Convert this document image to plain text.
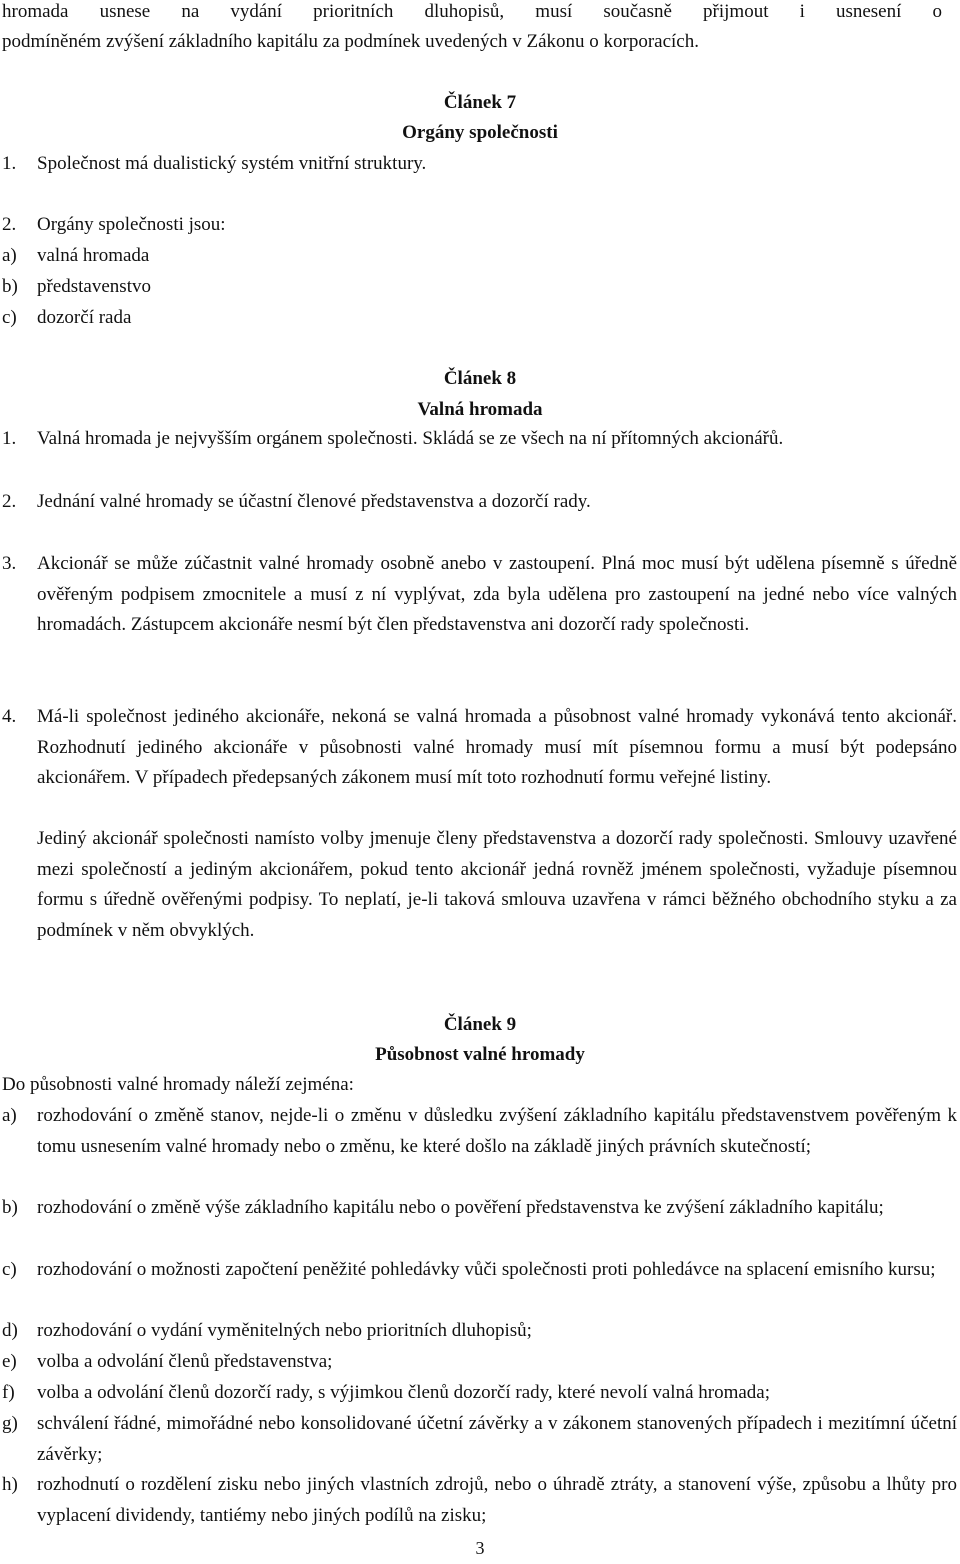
hromada usnese na vydání prioritních dluhopisů, musí současně přijmout i usnesení o

podmíněném zvýšení základního kapitálu za podmínek uvedených v Zákonu o korporacích.

Článek 7

Orgány společnosti

1.	Společnost má dualistický systém vnitřní struktury.

2.	Orgány společnosti jsou:

a)	valná hromada

b)	představenstvo

c)	dozorčí rada

Článek 8

Valná hromada

1.	Valná hromada je nejvyšším orgánem společnosti. Skládá se ze všech na ní přítomných akcionářů.

2.	Jednání valné hromady se účastní členové představenstva a dozorčí rady.

3.	Akcionář se může zúčastnit valné hromady osobně anebo v zastoupení. Plná moc musí být udělena písemně s úředně ověřeným podpisem zmocnitele a musí z ní vyplývat, zda byla udělena pro zastoupení na jedné nebo více valných hromadách. Zástupcem akcionáře nesmí být člen představenstva ani dozorčí rady společnosti.

4.	Má-li společnost jediného akcionáře, nekoná se valná hromada a působnost valné hromady vykonává tento akcionář. Rozhodnutí jediného akcionáře v působnosti valné hromady musí mít písemnou formu a musí být podepsáno akcionářem. V případech předepsaných zákonem musí mít toto rozhodnutí formu veřejné listiny.

Jediný akcionář společnosti namísto volby jmenuje členy představenstva a dozorčí rady společnosti. Smlouvy uzavřené mezi společností a jediným akcionářem, pokud tento akcionář jedná rovněž jménem společnosti, vyžaduje písemnou formu s úředně ověřenými podpisy. To neplatí, je-li taková smlouva uzavřena v rámci běžného obchodního styku a za podmínek v něm obvyklých.

Článek 9

Působnost valné hromady

Do působnosti valné hromady náleží zejména:

a)	rozhodování o změně stanov, nejde-li o změnu v důsledku zvýšení základního kapitálu představenstvem pověřeným k tomu usnesením valné hromady nebo o změnu, ke které došlo na základě jiných právních skutečností;

b)	rozhodování o změně výše základního kapitálu nebo o pověření představenstva ke zvýšení základního kapitálu;

c)	rozhodování o možnosti započtení peněžité pohledávky vůči společnosti proti pohledávce na splacení emisního kursu;

d)	rozhodování o vydání vyměnitelných nebo prioritních dluhopisů;

e)	volba a odvolání členů představenstva;

f)	volba a odvolání členů dozorčí rady, s výjimkou členů dozorčí rady, které nevolí valná hromada;

g)	schválení řádné, mimořádné nebo konsolidované účetní závěrky a v zákonem stanovených případech i mezitímní účetní závěrky;

h)	rozhodnutí o rozdělení zisku nebo jiných vlastních zdrojů, nebo o úhradě ztráty, a stanovení výše, způsobu a lhůty pro vyplacení dividendy, tantiémy nebo jiných podílů na zisku;

3
